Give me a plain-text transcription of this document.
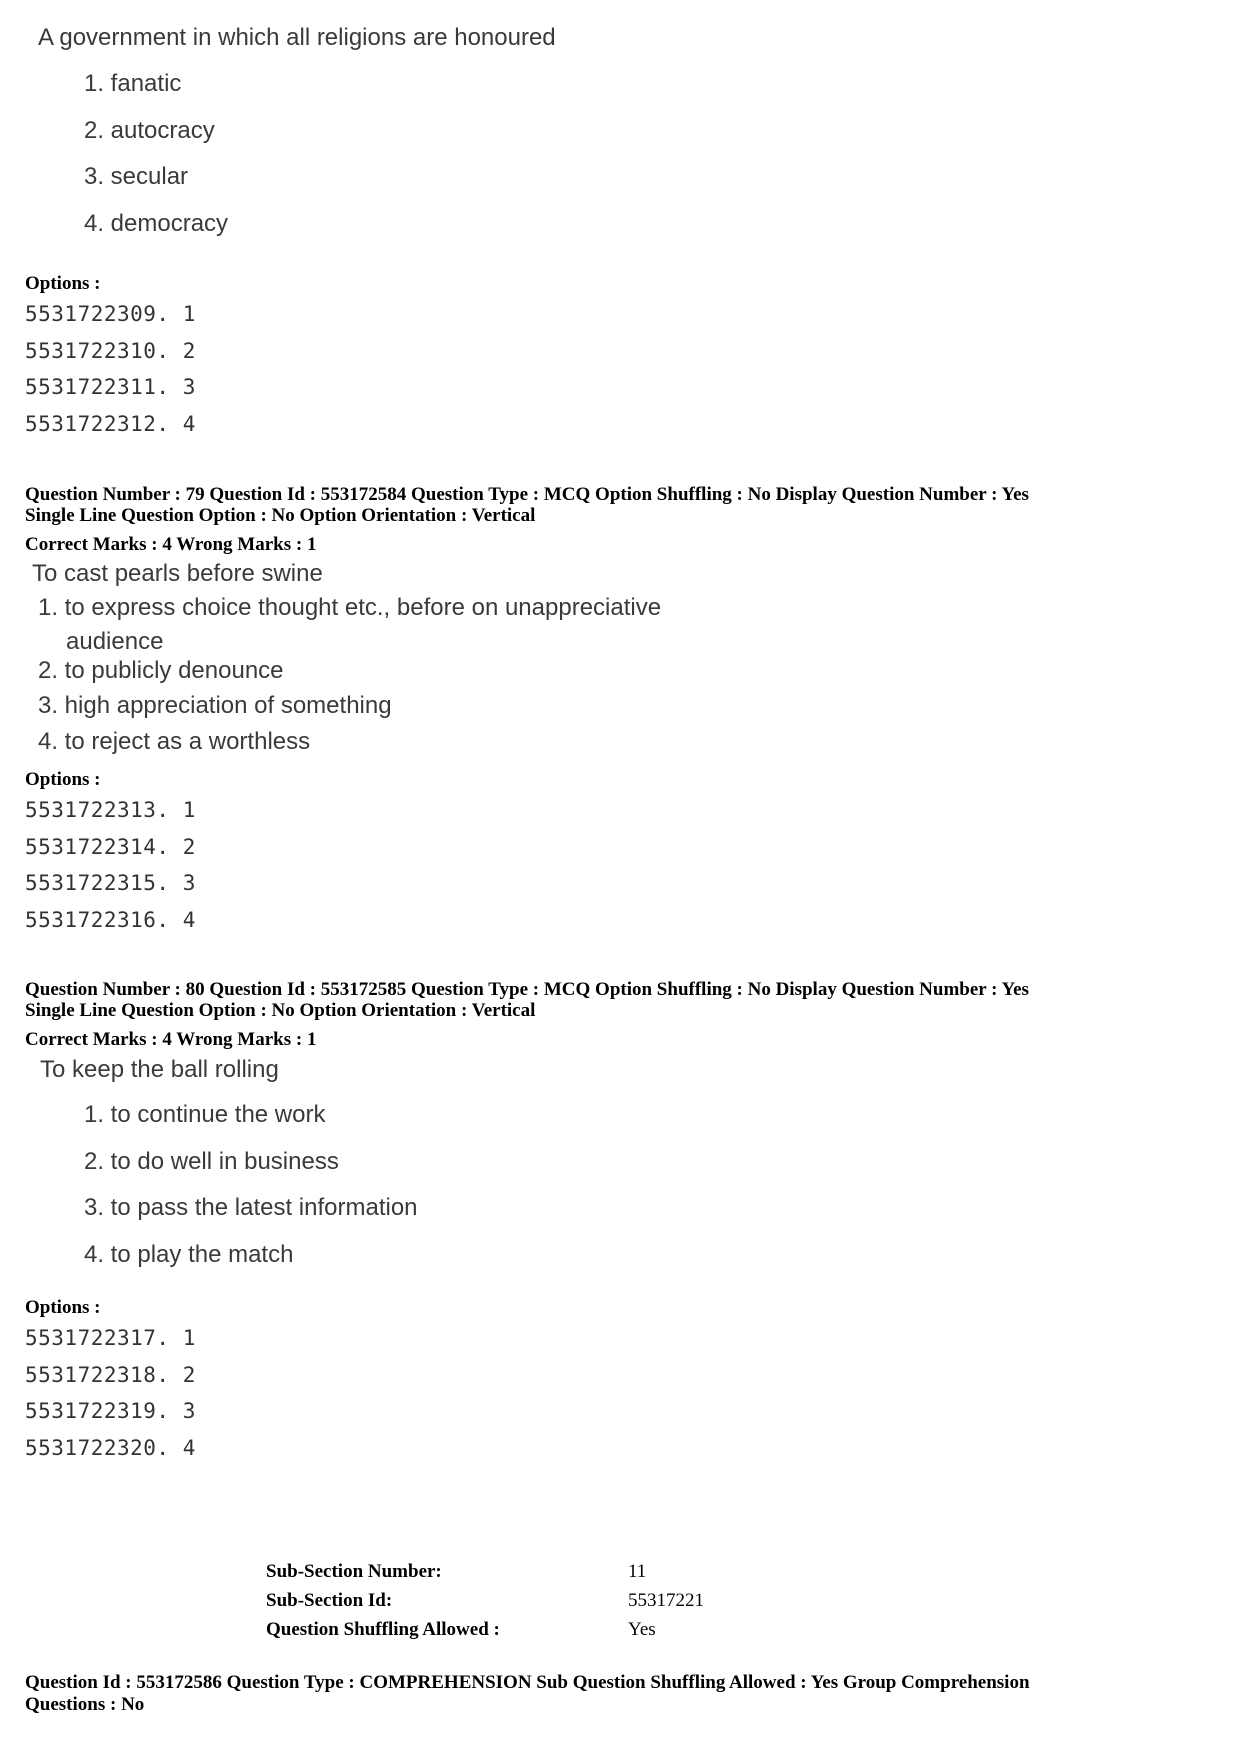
A government in which all religions are honoured
1. fanatic
2. autocracy
3. secular
4. democracy
Options :
5531722309. 1
5531722310. 2
5531722311. 3
5531722312. 4
Question Number : 79 Question Id : 553172584 Question Type : MCQ Option Shuffling : No Display Question Number : Yes
Single Line Question Option : No Option Orientation : Vertical
Correct Marks : 4 Wrong Marks : 1
To cast pearls before swine
1. to express choice thought etc., before on unappreciative
audience
2. to publicly denounce
3. high appreciation of something
4. to reject as a worthless
Options :
5531722313. 1
5531722314. 2
5531722315. 3
5531722316. 4
Question Number : 80 Question Id : 553172585 Question Type : MCQ Option Shuffling : No Display Question Number : Yes
Single Line Question Option : No Option Orientation : Vertical
Correct Marks : 4 Wrong Marks : 1
To keep the ball rolling
1. to continue the work
2. to do well in business
3. to pass the latest information
4. to play the match
Options :
5531722317. 1
5531722318. 2
5531722319. 3
5531722320. 4
Sub-Section Number:	11
Sub-Section Id:	55317221
Question Shuffling Allowed :	Yes
Question Id : 553172586 Question Type : COMPREHENSION Sub Question Shuffling Allowed : Yes Group Comprehension
Questions : No
